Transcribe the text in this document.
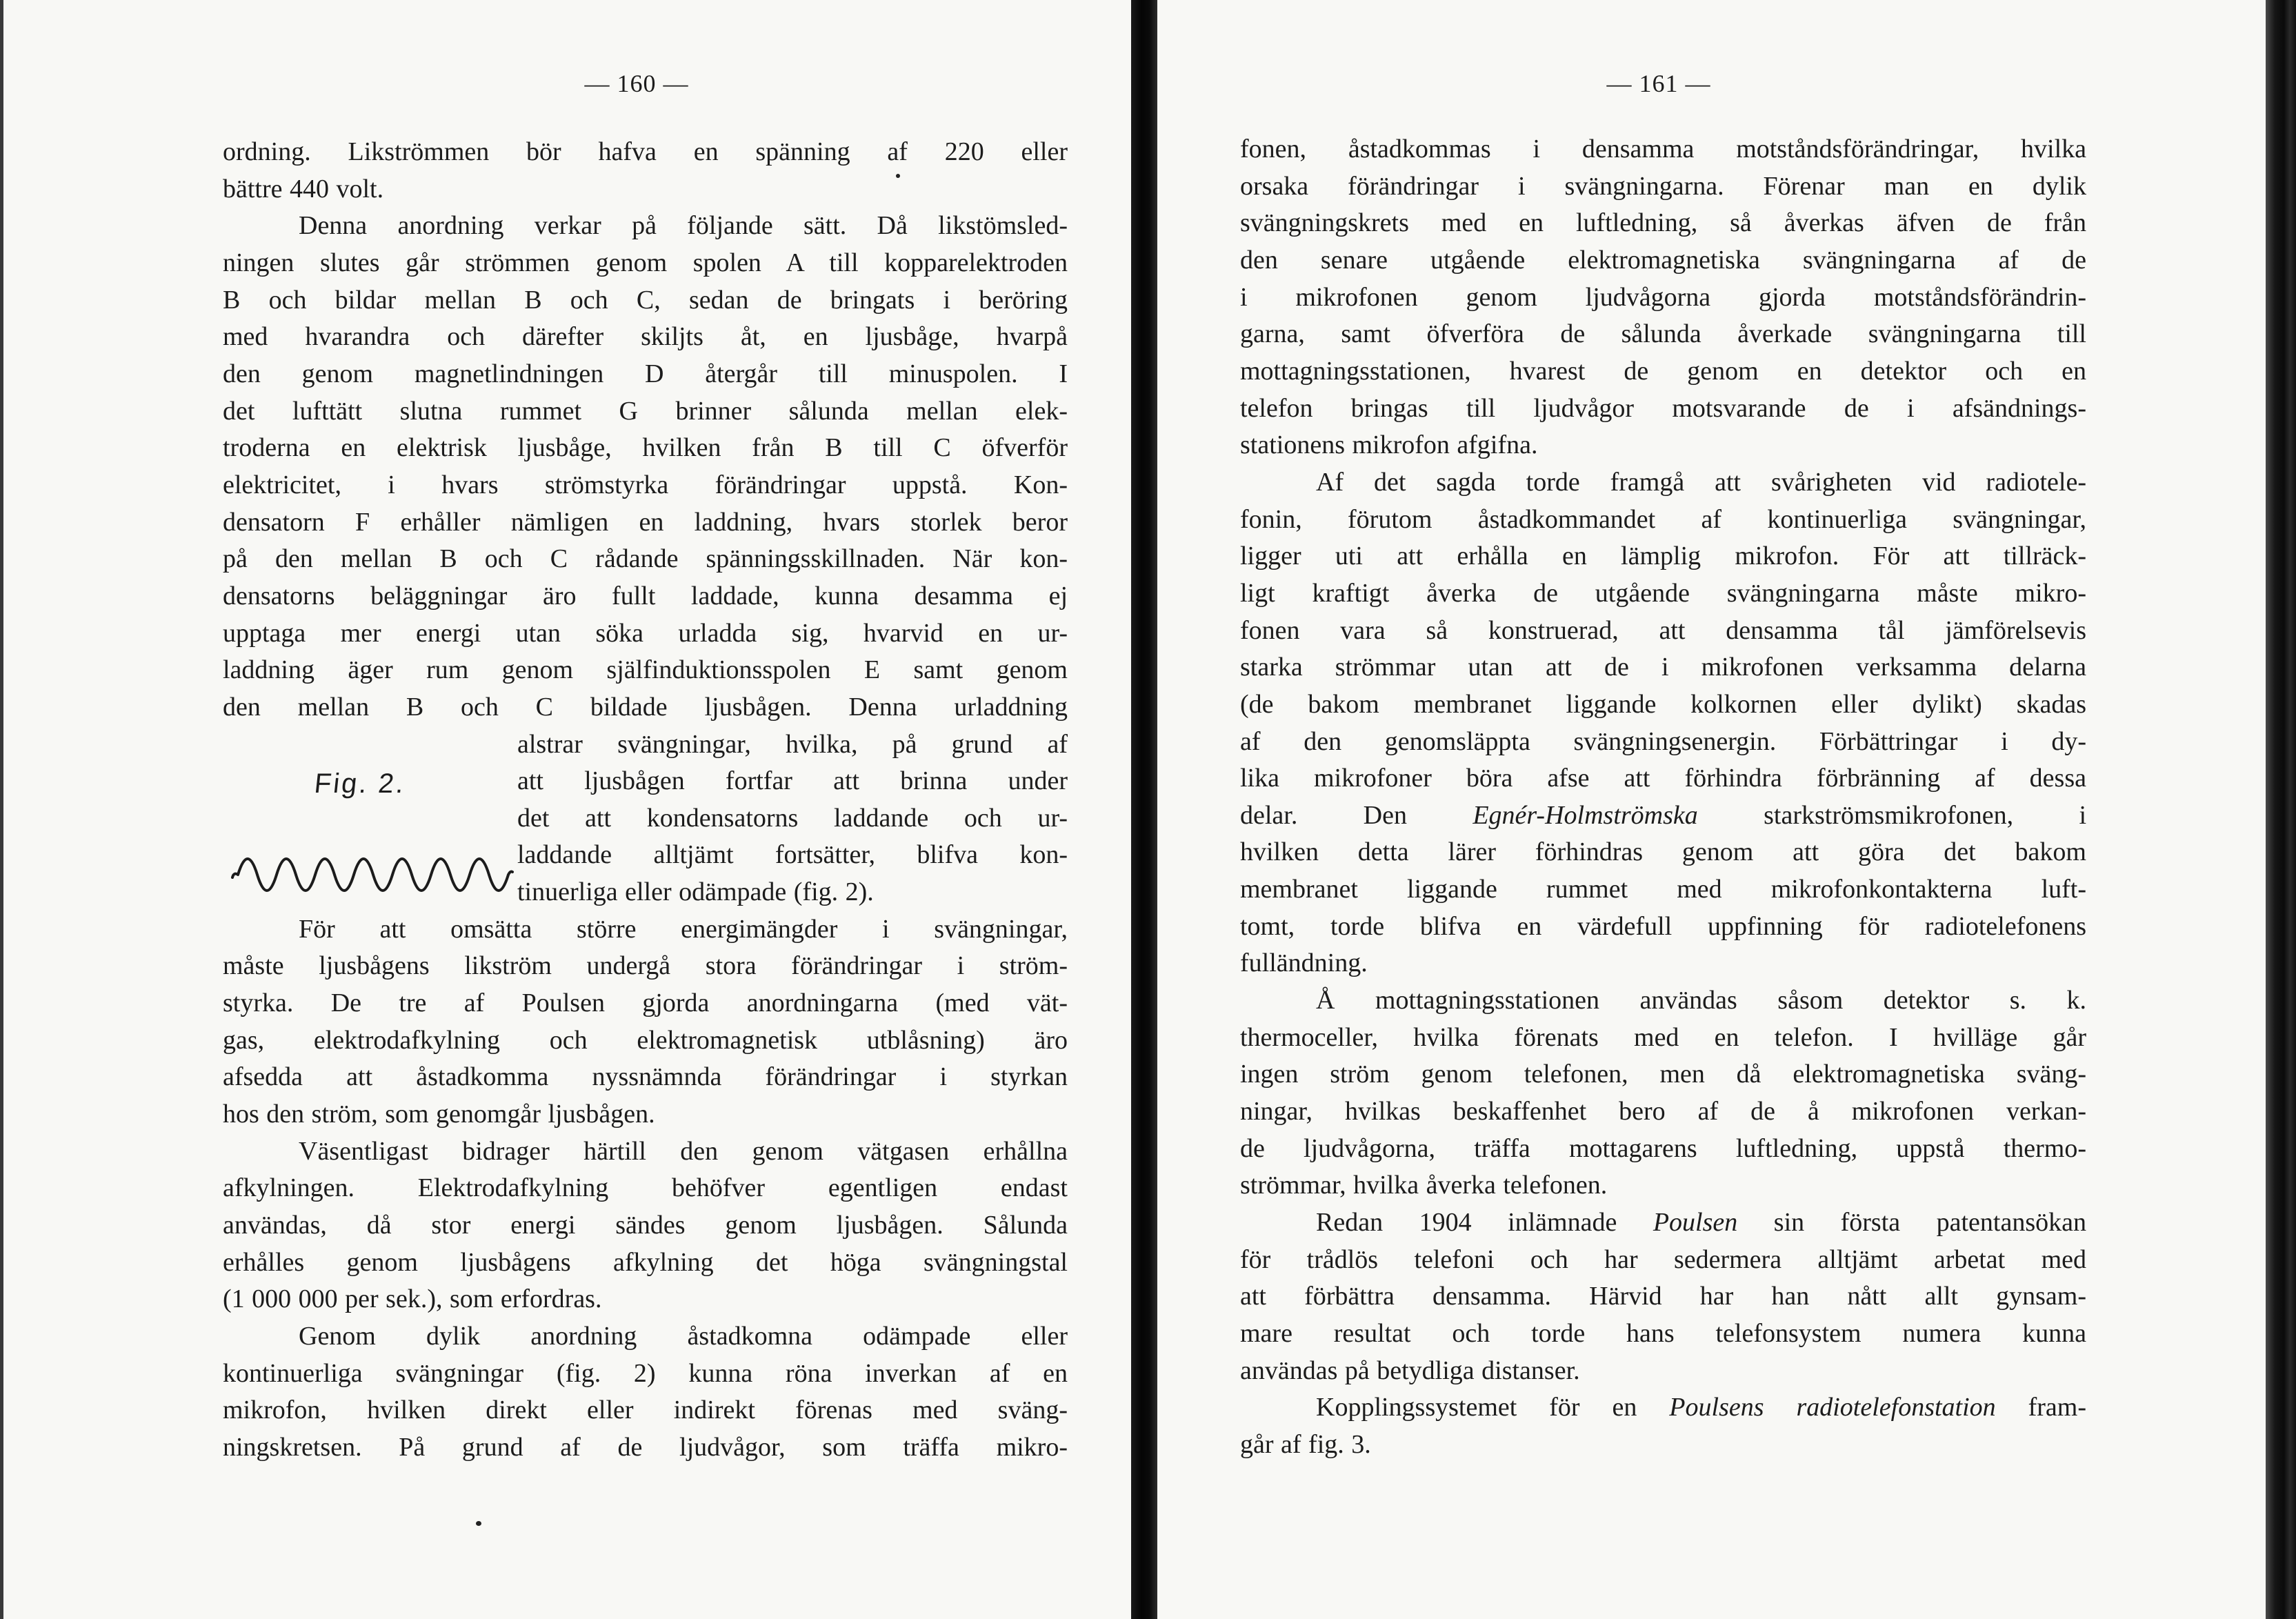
— 160 —
ordning. Likströmmen bör hafva en spänning af 220 eller
bättre 440 volt.
Denna anordning verkar på följande sätt. Då likstömsled-
ningen slutes går strömmen genom spolen A till kopparelektroden
B och bildar mellan B och C, sedan de bringats i beröring
med hvarandra och därefter skiljts åt, en ljusbåge, hvarpå
den genom magnetlindningen D återgår till minuspolen. I
det lufttätt slutna rummet G brinner sålunda mellan elek-
troderna en elektrisk ljusbåge, hvilken från B till C öfverför
elektricitet, i hvars strömstyrka förändringar uppstå. Kon-
densatorn F erhåller nämligen en laddning, hvars storlek beror
på den mellan B och C rådande spänningsskillnaden. När kon-
densatorns beläggningar äro fullt laddade, kunna desamma ej
upptaga mer energi utan söka urladda sig, hvarvid en ur-
laddning äger rum genom själfinduktionsspolen E samt genom
den mellan B och C bildade ljusbågen. Denna urladdning
alstrar svängningar, hvilka, på grund af
att ljusbågen fortfar att brinna under
det att kondensatorns laddande och ur-
laddande alltjämt fortsätter, blifva kon-
tinuerliga eller odämpade (fig. 2).
För att omsätta större energimängder i svängningar,
måste ljusbågens likström undergå stora förändringar i ström-
styrka. De tre af Poulsen gjorda anordningarna (med vät-
gas, elektrodafkylning och elektromagnetisk utblåsning) äro
afsedda att åstadkomma nyssnämnda förändringar i styrkan
hos den ström, som genomgår ljusbågen.
Väsentligast bidrager härtill den genom vätgasen erhållna
afkylningen. Elektrodafkylning behöfver egentligen endast
användas, då stor energi sändes genom ljusbågen. Sålunda
erhålles genom ljusbågens afkylning det höga svängningstal
(1 000 000 per sek.), som erfordras.
Genom dylik anordning åstadkomna odämpade eller
kontinuerliga svängningar (fig. 2) kunna röna inverkan af en
mikrofon, hvilken direkt eller indirekt förenas med sväng-
ningskretsen. På grund af de ljudvågor, som träffa mikro-
Fig. 2.
— 161 —
fonen, åstadkommas i densamma motståndsförändringar, hvilka
orsaka förändringar i svängningarna. Förenar man en dylik
svängningskrets med en luftledning, så åverkas äfven de från
den senare utgående elektromagnetiska svängningarna af de
i mikrofonen genom ljudvågorna gjorda motståndsförändrin-
garna, samt öfverföra de sålunda åverkade svängningarna till
mottagningsstationen, hvarest de genom en detektor och en
telefon bringas till ljudvågor motsvarande de i afsändnings-
stationens mikrofon afgifna.
Af det sagda torde framgå att svårigheten vid radiotele-
fonin, förutom åstadkommandet af kontinuerliga svängningar,
ligger uti att erhålla en lämplig mikrofon. För att tillräck-
ligt kraftigt åverka de utgående svängningarna måste mikro-
fonen vara så konstruerad, att densamma tål jämförelsevis
starka strömmar utan att de i mikrofonen verksamma delarna
(de bakom membranet liggande kolkornen eller dylikt) skadas
af den genomsläppta svängningsenergin. Förbättringar i dy-
lika mikrofoner böra afse att förhindra förbränning af dessa
delar. Den Egnér-Holmströmska starkströmsmikrofonen, i
hvilken detta lärer förhindras genom att göra det bakom
membranet liggande rummet med mikrofonkontakterna luft-
tomt, torde blifva en värdefull uppfinning för radiotelefonens
fulländning.
Å mottagningsstationen användas såsom detektor s. k.
thermoceller, hvilka förenats med en telefon. I hvilläge går
ingen ström genom telefonen, men då elektromagnetiska sväng-
ningar, hvilkas beskaffenhet bero af de å mikrofonen verkan-
de ljudvågorna, träffa mottagarens luftledning, uppstå thermo-
strömmar, hvilka åverka telefonen.
Redan 1904 inlämnade Poulsen sin första patentansökan
för trådlös telefoni och har sedermera alltjämt arbetat med
att förbättra densamma. Härvid har han nått allt gynsam-
mare resultat och torde hans telefonsystem numera kunna
användas på betydliga distanser.
Kopplingssystemet för en Poulsens radiotelefonstation fram-
går af fig. 3.
